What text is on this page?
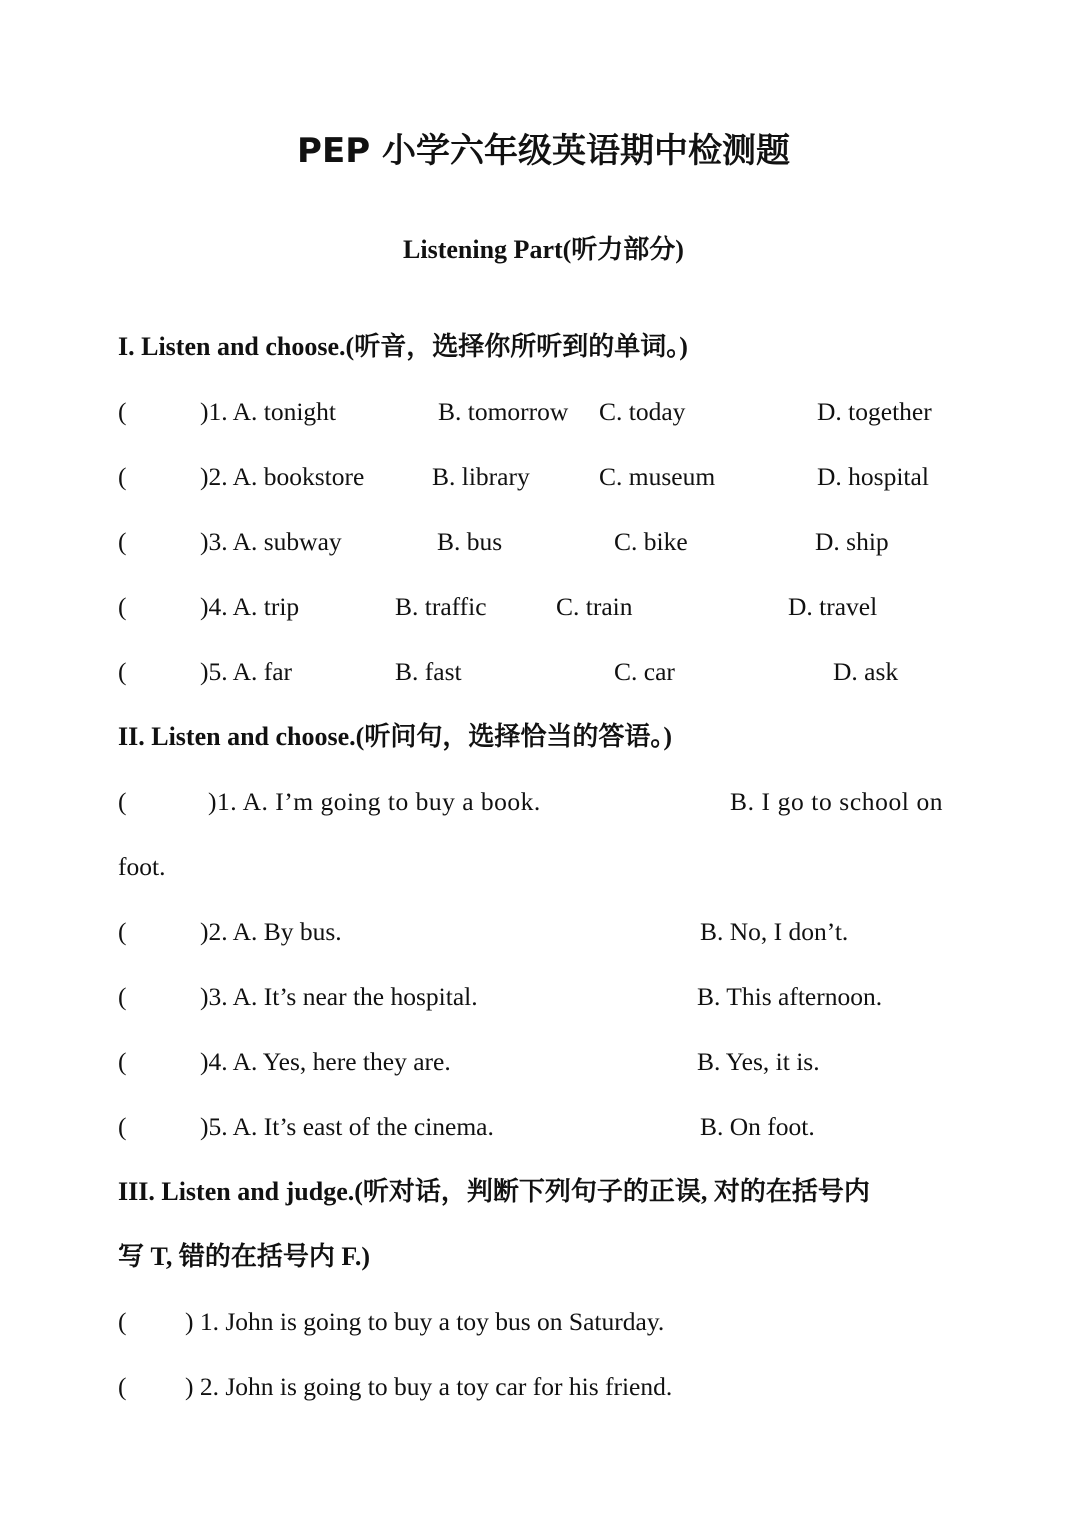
PEP 小学六年级英语期中检测题
Listening Part(听力部分)
I. Listen and choose.(听音，选择你所听到的单词。)
(	)1. A. tonight	B. tomorrow C. today	D. together
(	)2. A. bookstore	B. library	C. museum	D. hospital
(	)3. A. subway	B. bus	C. bike	D. ship
(	)4. A. trip	B. traffic	C. train	D. travel
(	)5. A. far	B. fast	C. car	D. ask
II. Listen and choose.(听问句，选择恰当的答语。)
(	)1. A. I’m going to buy a book.	B. I go to school on
foot.
(	)2. A. By bus.	B. No, I don’t.
(	)3. A. It’s near the hospital.	B. This afternoon.
(	)4. A. Yes, here they are.	B. Yes, it is.
(	)5. A. It’s east of the cinema.	B. On foot.
III. Listen and judge.(听对话，判断下列句子的正误, 对的在括号内
写 T, 错的在括号内 F.)
( ) 1. John is going to buy a toy bus on Saturday.
( ) 2. John is going to buy a toy car for his friend.
